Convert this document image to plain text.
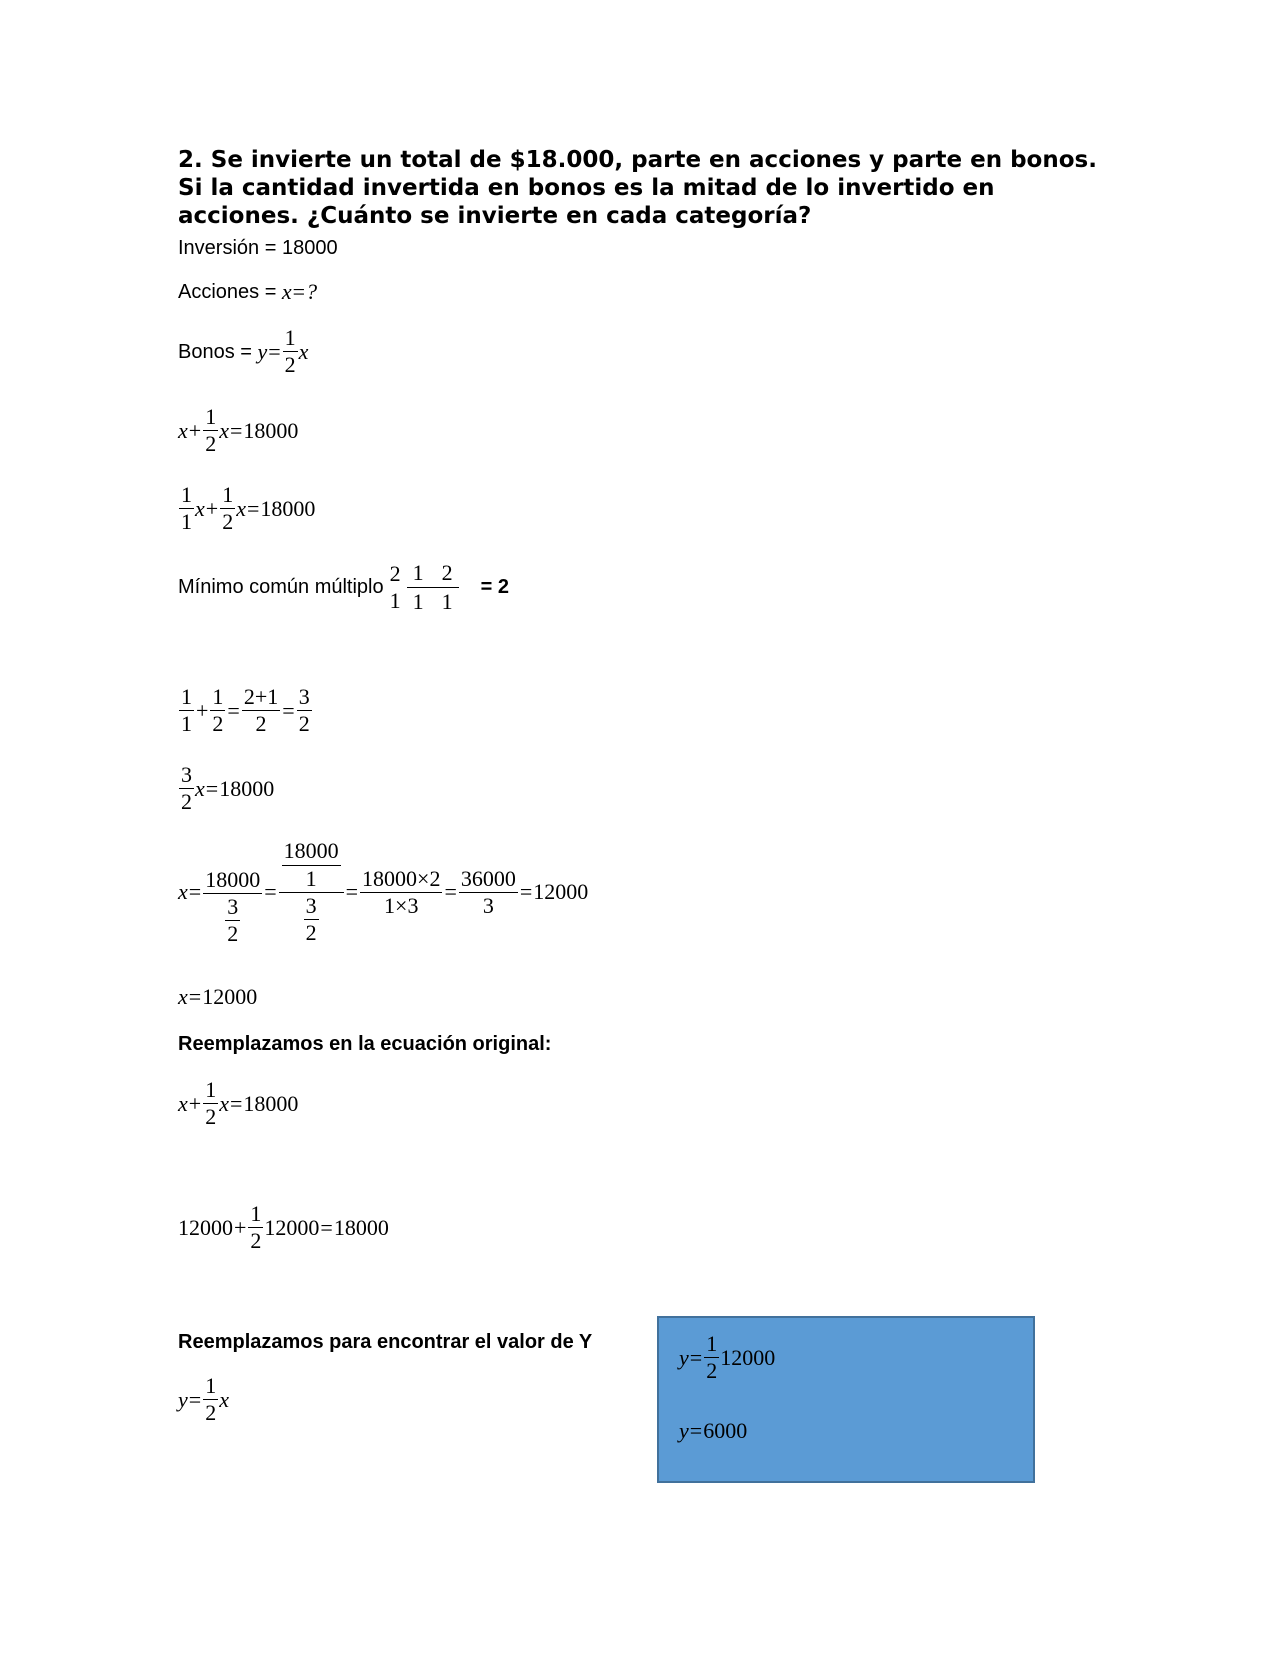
2. Se invierte un total de $18.000, parte en acciones y parte en bonos. Si la cantidad invertida en bonos es la mitad de lo invertido en acciones. ¿Cuánto se invierte en cada categoría?
Inversión = 18000
Acciones =
x = ?
Bonos =
$y = \frac{1}{2}$ x
$x + \frac{1}{2}$ x = 18000
$\frac{1}{1}$ $x + \frac{1}{2}$ x = 18000
Mínimo común múltiplo
2
1
1 2
1 1
= 2
$\frac{1}{1} + \frac{1}{2} = \frac{2+1}{2} = \frac{3}{2}$
$\frac{3}{2}$ x = 18000
$x = \frac{18000}{\frac{3}{2}} = \frac{\frac{18000}{1}}{\frac{3}{2}} = \frac{18000\times 2}{1\times 3} = \frac{36000}{3} = 12000$
x = 12000
Reemplazamos en la ecuación original:
$x + \frac{1}{2}$ x = 18000
$12000 + \frac{1}{2} 12000 = 18000$
Reemplazamos para encontrar el valor de Y
$y = \frac{1}{2}$ x
$y = \frac{1}{2} 12000$
y = 6000
